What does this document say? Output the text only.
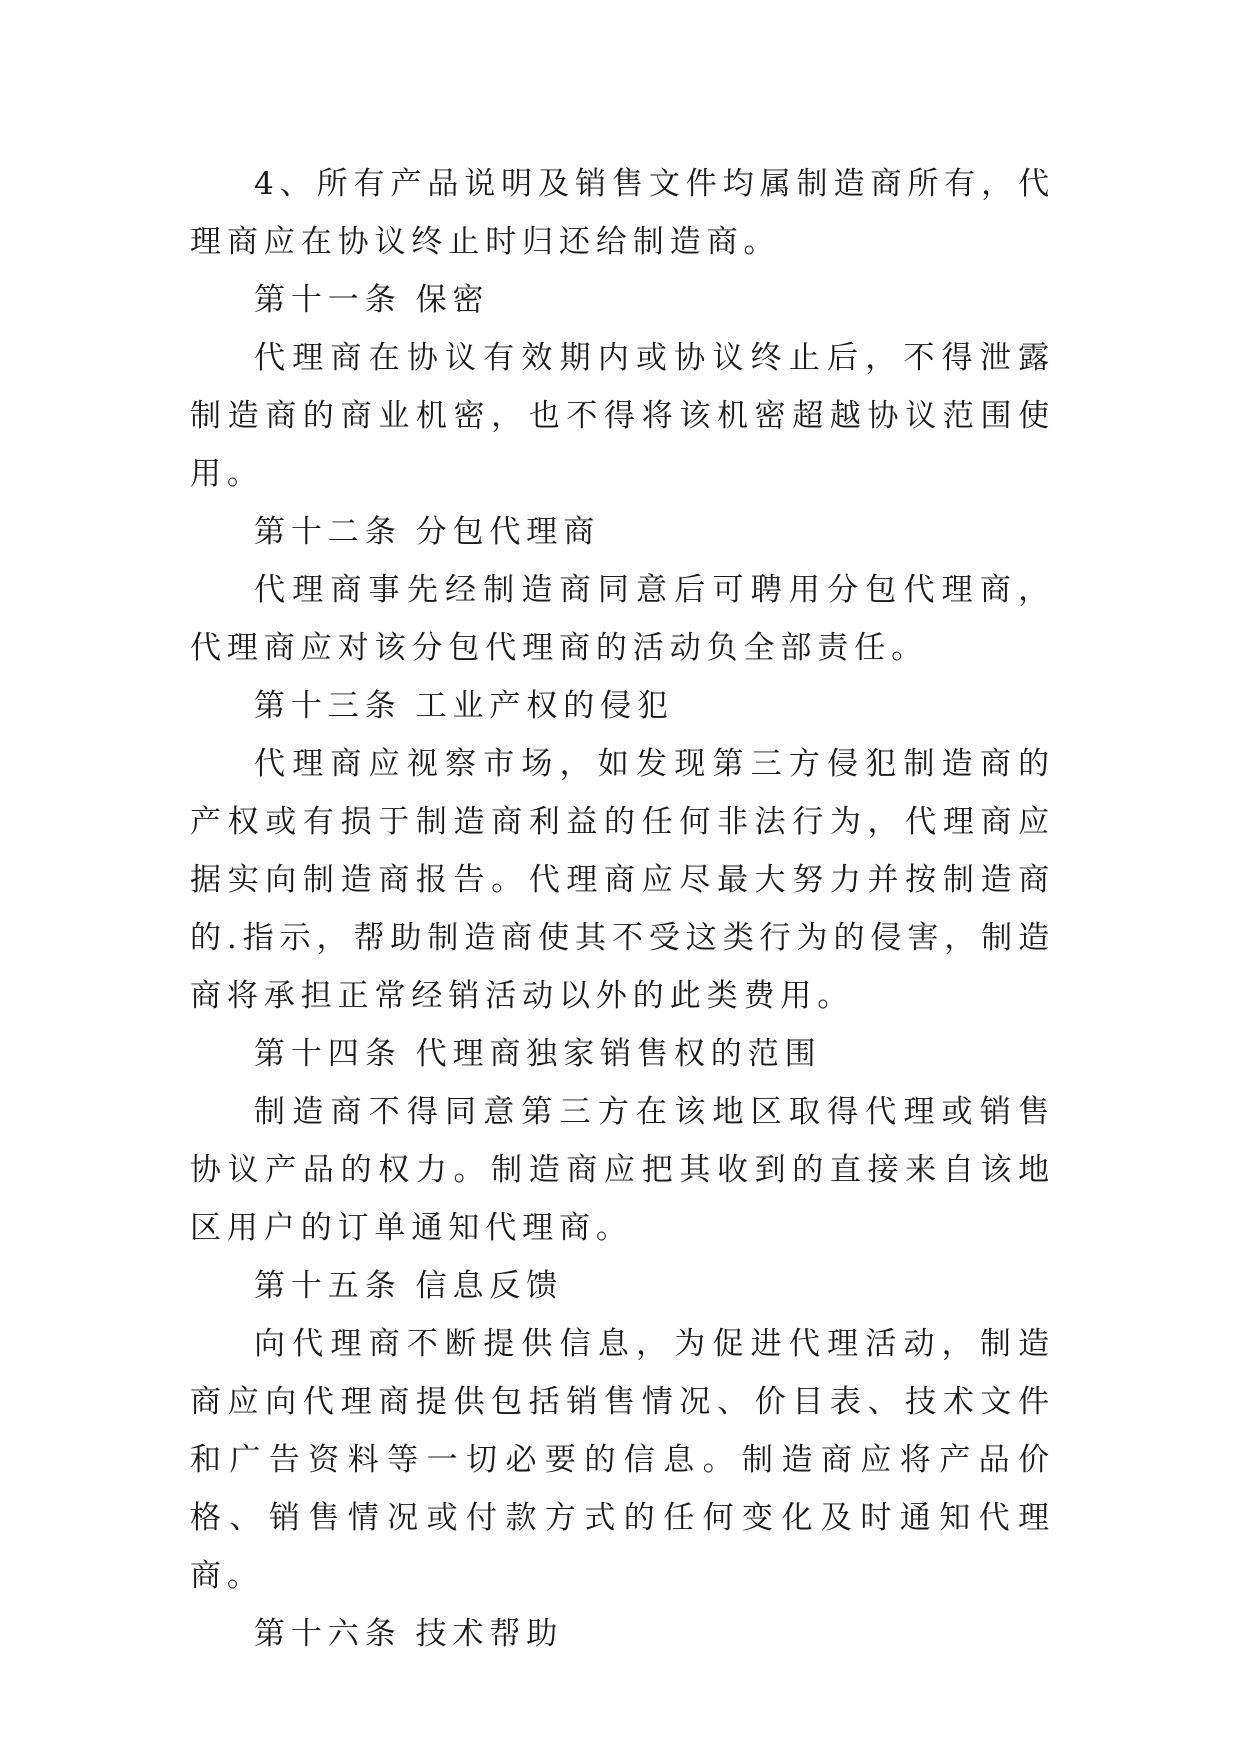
4、所有产品说明及销售文件均属制造商所有，代理商应在协议终止时归还给制造商。

第十一条 保密

代理商在协议有效期内或协议终止后，不得泄露制造商的商业机密，也不得将该机密超越协议范围使用。

第十二条 分包代理商

代理商事先经制造商同意后可聘用分包代理商，代理商应对该分包代理商的活动负全部责任。

第十三条 工业产权的侵犯

代理商应视察市场，如发现第三方侵犯制造商的产权或有损于制造商利益的任何非法行为，代理商应据实向制造商报告。代理商应尽最大努力并按制造商的.指示，帮助制造商使其不受这类行为的侵害，制造商将承担正常经销活动以外的此类费用。

第十四条 代理商独家销售权的范围

制造商不得同意第三方在该地区取得代理或销售协议产品的权力。制造商应把其收到的直接来自该地区用户的订单通知代理商。

第十五条 信息反馈

向代理商不断提供信息，为促进代理活动，制造商应向代理商提供包括销售情况、价目表、技术文件和广告资料等一切必要的信息。制造商应将产品价格、销售情况或付款方式的任何变化及时通知代理商。

第十六条 技术帮助
